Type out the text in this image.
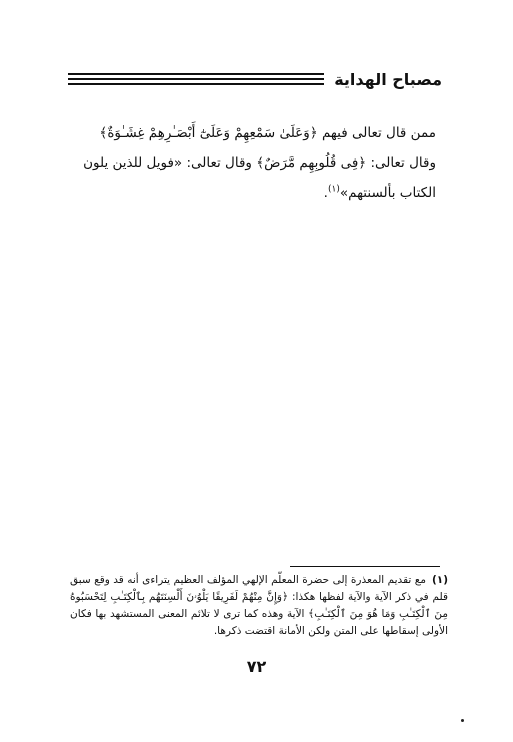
مصباح الهداية
ممن قال تعالى فيهم ﴿وَعَلَىٰ سَمْعِهِمْ وَعَلَىٰٓ أَبْصَـٰرِهِمْ غِشَـٰوَةٌ﴾ وقال تعالى: ﴿فِى قُلُوبِهِم مَّرَضٌ﴾ وقال تعالى: «فويل للذين يلون الكتاب بألسنتهم»$^{(١)}$.
(١)مع تقديم المعذرة إلى حضرة المعلّم الإلهي المؤلف العظيم يتراءى أنه قد وقع سبق قلم في ذكر الآية والآية لفظها هكذا: ﴿وَإِنَّ مِنْهُمْ لَفَرِيقًا يَلْوُۥنَ أَلْسِنَتَهُم بِٱلْكِتَـٰبِ لِتَحْسَبُوهُ مِنَ ٱلْكِتَـٰبِ وَمَا هُوَ مِنَ ٱلْكِتَـٰبِ﴾ الآية وهذه كما ترى لا تلائم المعنى المستشهد بها فكان الأولى إسقاطها على المتن ولكن الأمانة اقتضت ذكرها.
٧٢
